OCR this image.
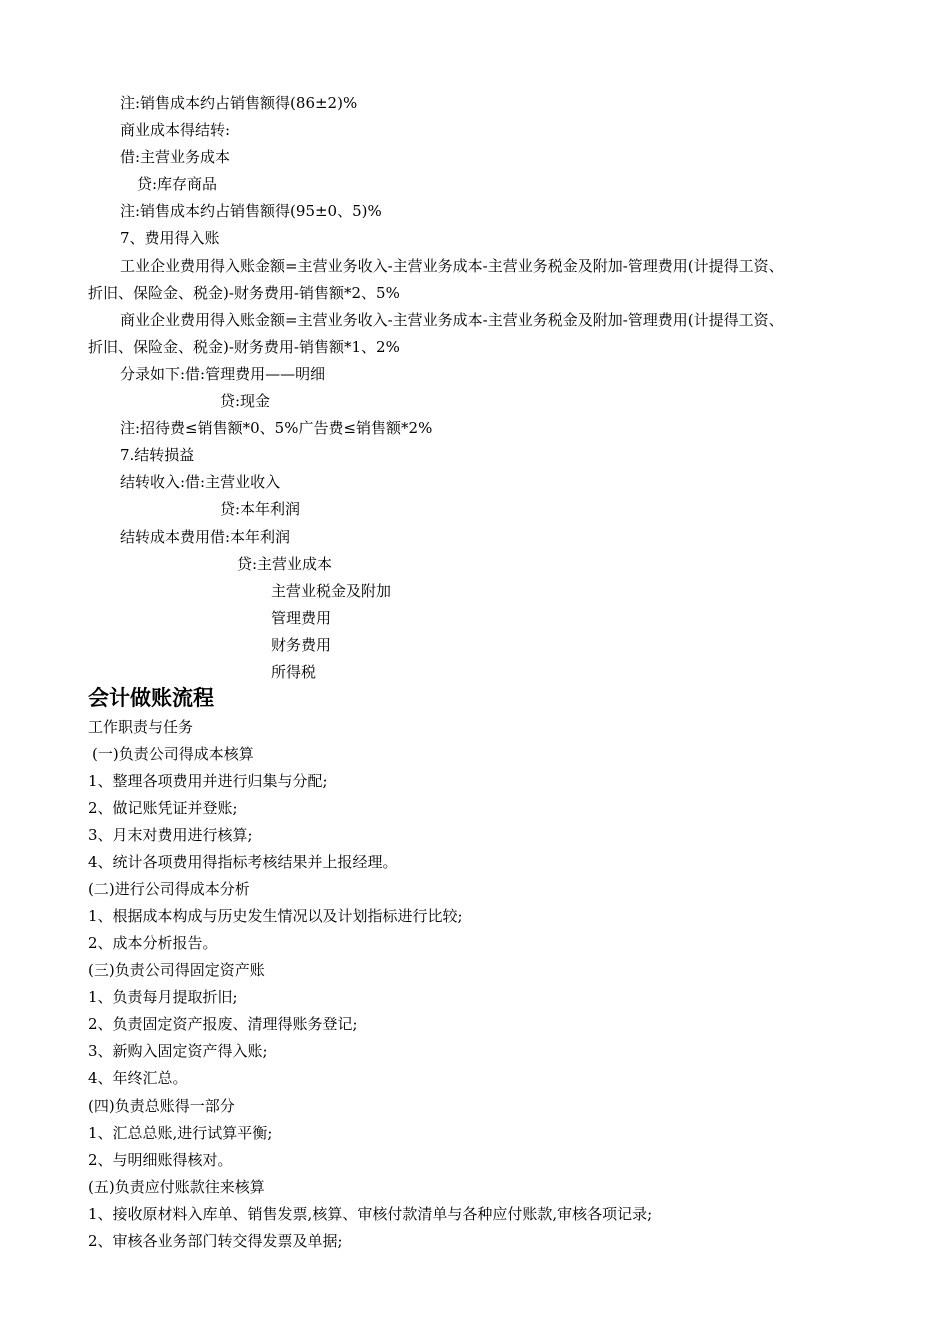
注:销售成本约占销售额得(86±2)%
商业成本得结转:
借:主营业务成本
贷:库存商品
注:销售成本约占销售额得(95±0、5)%
7、费用得入账
工业企业费用得入账金额=主营业务收入-主营业务成本-主营业务税金及附加-管理费用(计提得工资、
折旧、保险金、税金)-财务费用-销售额*2、5%
商业企业费用得入账金额=主营业务收入-主营业务成本-主营业务税金及附加-管理费用(计提得工资、
折旧、保险金、税金)-财务费用-销售额*1、2%
分录如下:借:管理费用——明细
贷:现金
注:招待费≤销售额*0、5%广告费≤销售额*2%
7.结转损益
结转收入:借:主营业收入
贷:本年利润
结转成本费用借:本年利润
贷:主营业成本
主营业税金及附加
管理费用
财务费用
所得税
会计做账流程
工作职责与任务
(一)负责公司得成本核算
1、整理各项费用并进行归集与分配;
2、做记账凭证并登账;
3、月末对费用进行核算;
4、统计各项费用得指标考核结果并上报经理。
(二)进行公司得成本分析
1、根据成本构成与历史发生情况以及计划指标进行比较;
2、成本分析报告。
(三)负责公司得固定资产账
1、负责每月提取折旧;
2、负责固定资产报废、清理得账务登记;
3、新购入固定资产得入账;
4、年终汇总。
(四)负责总账得一部分
1、汇总总账,进行试算平衡;
2、与明细账得核对。
(五)负责应付账款往来核算
1、接收原材料入库单、销售发票,核算、审核付款清单与各种应付账款,审核各项记录;
2、审核各业务部门转交得发票及单据;
